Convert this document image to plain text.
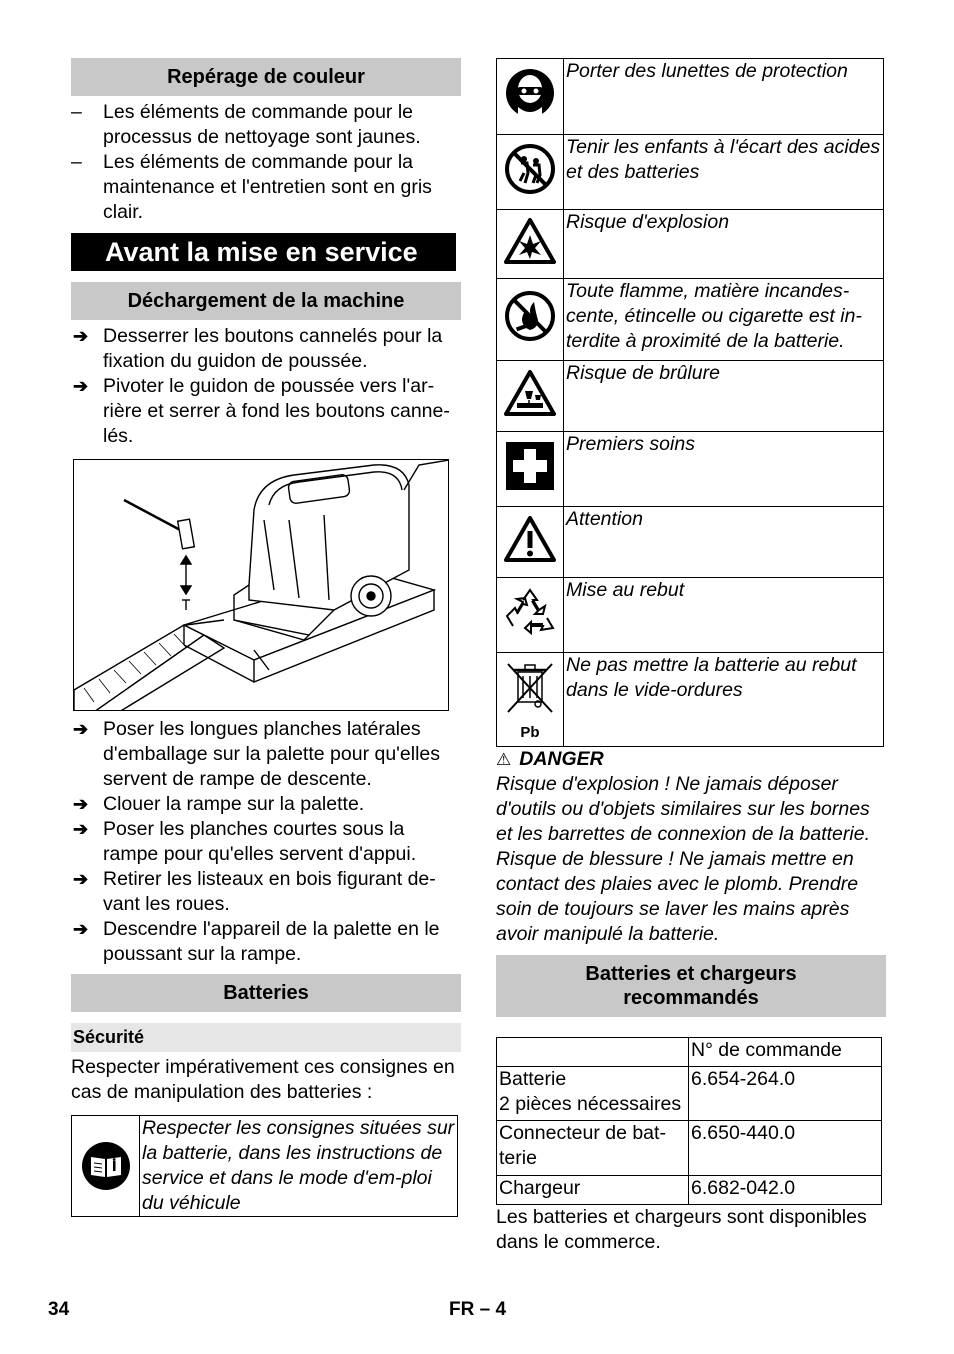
Repérage de couleur
– Les éléments de commande pour le processus de nettoyage sont jaunes.
– Les éléments de commande pour la maintenance et l'entretien sont en gris clair.
Avant la mise en service
Déchargement de la machine
➔ Desserrer les boutons cannelés pour la fixation du guidon de poussée.
➔ Pivoter le guidon de poussée vers l'ar-rière et serrer à fond les boutons canne-lés.
➔ Poser les longues planches latérales d'emballage sur la palette pour qu'elles servent de rampe de descente.
➔ Clouer la rampe sur la palette.
➔ Poser les planches courtes sous la rampe pour qu'elles servent d'appui.
➔ Retirer les listeaux en bois figurant de-vant les roues.
➔ Descendre l'appareil de la palette en le poussant sur la rampe.
Batteries
Sécurité

Respecter impérativement ces consignes en cas de manipulation des batteries :

Respecter les consignes situées sur la batterie, dans les instructions de service et dans le mode d'em-ploi du véhicule
	Porter des lunettes de protection
	Tenir les enfants à l'écart des acides et des batteries
	Risque d'explosion
	Toute flamme, matière incandes-cente, étincelle ou cigarette est in-terdite à proximité de la batterie.
	Risque de brûlure
	Premiers soins
	Attention
	Mise au rebut

Pb	Ne pas mettre la batterie au rebut dans le vide-ordures
⚠ DANGER

Risque d'explosion ! Ne jamais déposer d'outils ou d'objets similaires sur les bornes et les barrettes de connexion de la batterie. Risque de blessure ! Ne jamais mettre en contact des plaies avec le plomb. Prendre soin de toujours se laver les mains après avoir manipulé la batterie.

Batteries et chargeurs recommandés
	N° de commande
Batterie
2 pièces nécessaires	6.654-264.0
Connecteur de bat-terie	6.650-440.0
Chargeur	6.682-042.0

Les batteries et chargeurs sont disponibles dans le commerce.

34	FR – 4
